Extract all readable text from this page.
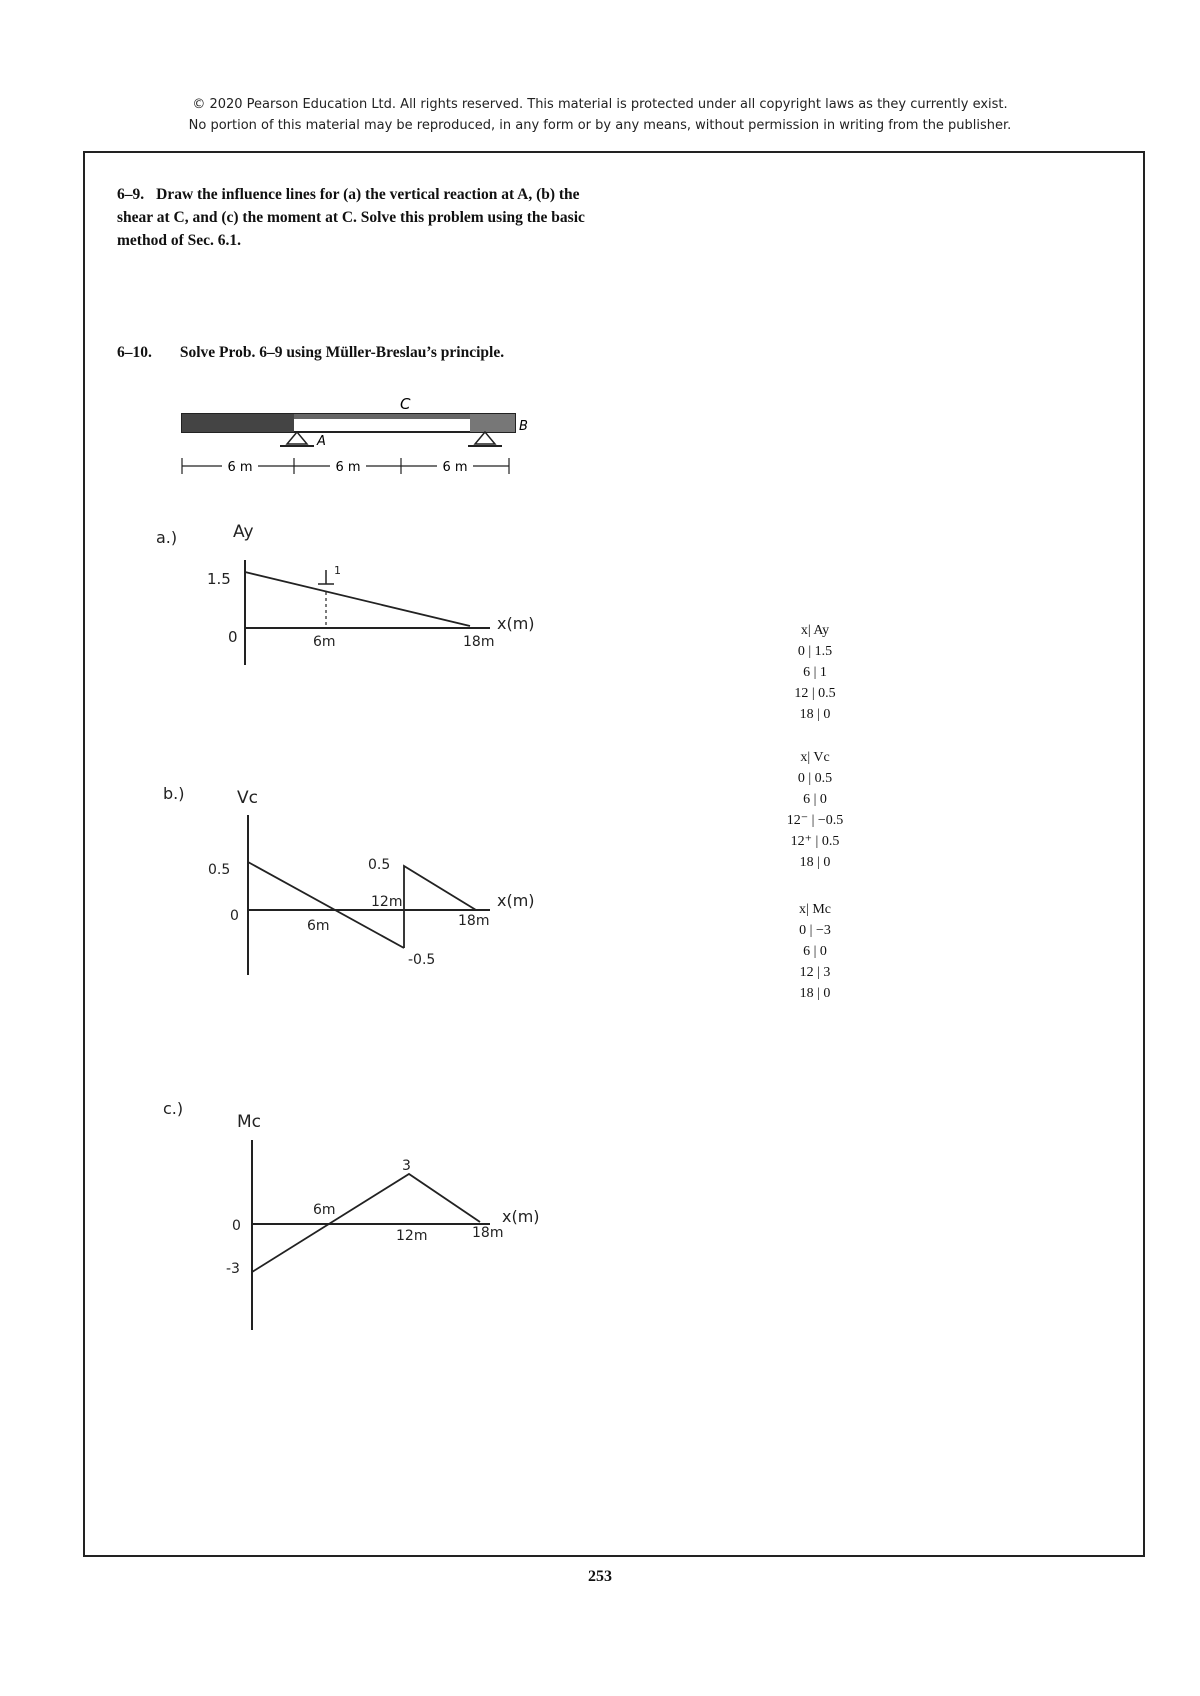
© 2020 Pearson Education Ltd. All rights reserved. This material is protected under all copyright laws as they currently exist.
No portion of this material may be reproduced, in any form or by any means, without permission in writing from the publisher.
6–9. Draw the influence lines for (a) the vertical reaction at A, (b) the shear at C, and (c) the moment at C. Solve this problem using the basic method of Sec. 6.1.
6–10. Solve Prob. 6–9 using Müller-Breslau’s principle.
C
A
B
6 m	6 m	6 m
a.)	Ay
1
1.5
0	6m	18m
x(m)
b.)	Vc
0.5
0
6m
12m
18m
0.5
-0.5
x(m)
c.)
Mc
0
-3
6m
12m	18m
3
x(m)
x| Ay
0 | 1.5
6 | 1
12 | 0.5
18 | 0
x| Vc
0 | 0.5
6 | 0
12⁻ | −0.5
12⁺ | 0.5
18 | 0
x| Mc
0 | −3
6 | 0
12 | 3
18 | 0
253
